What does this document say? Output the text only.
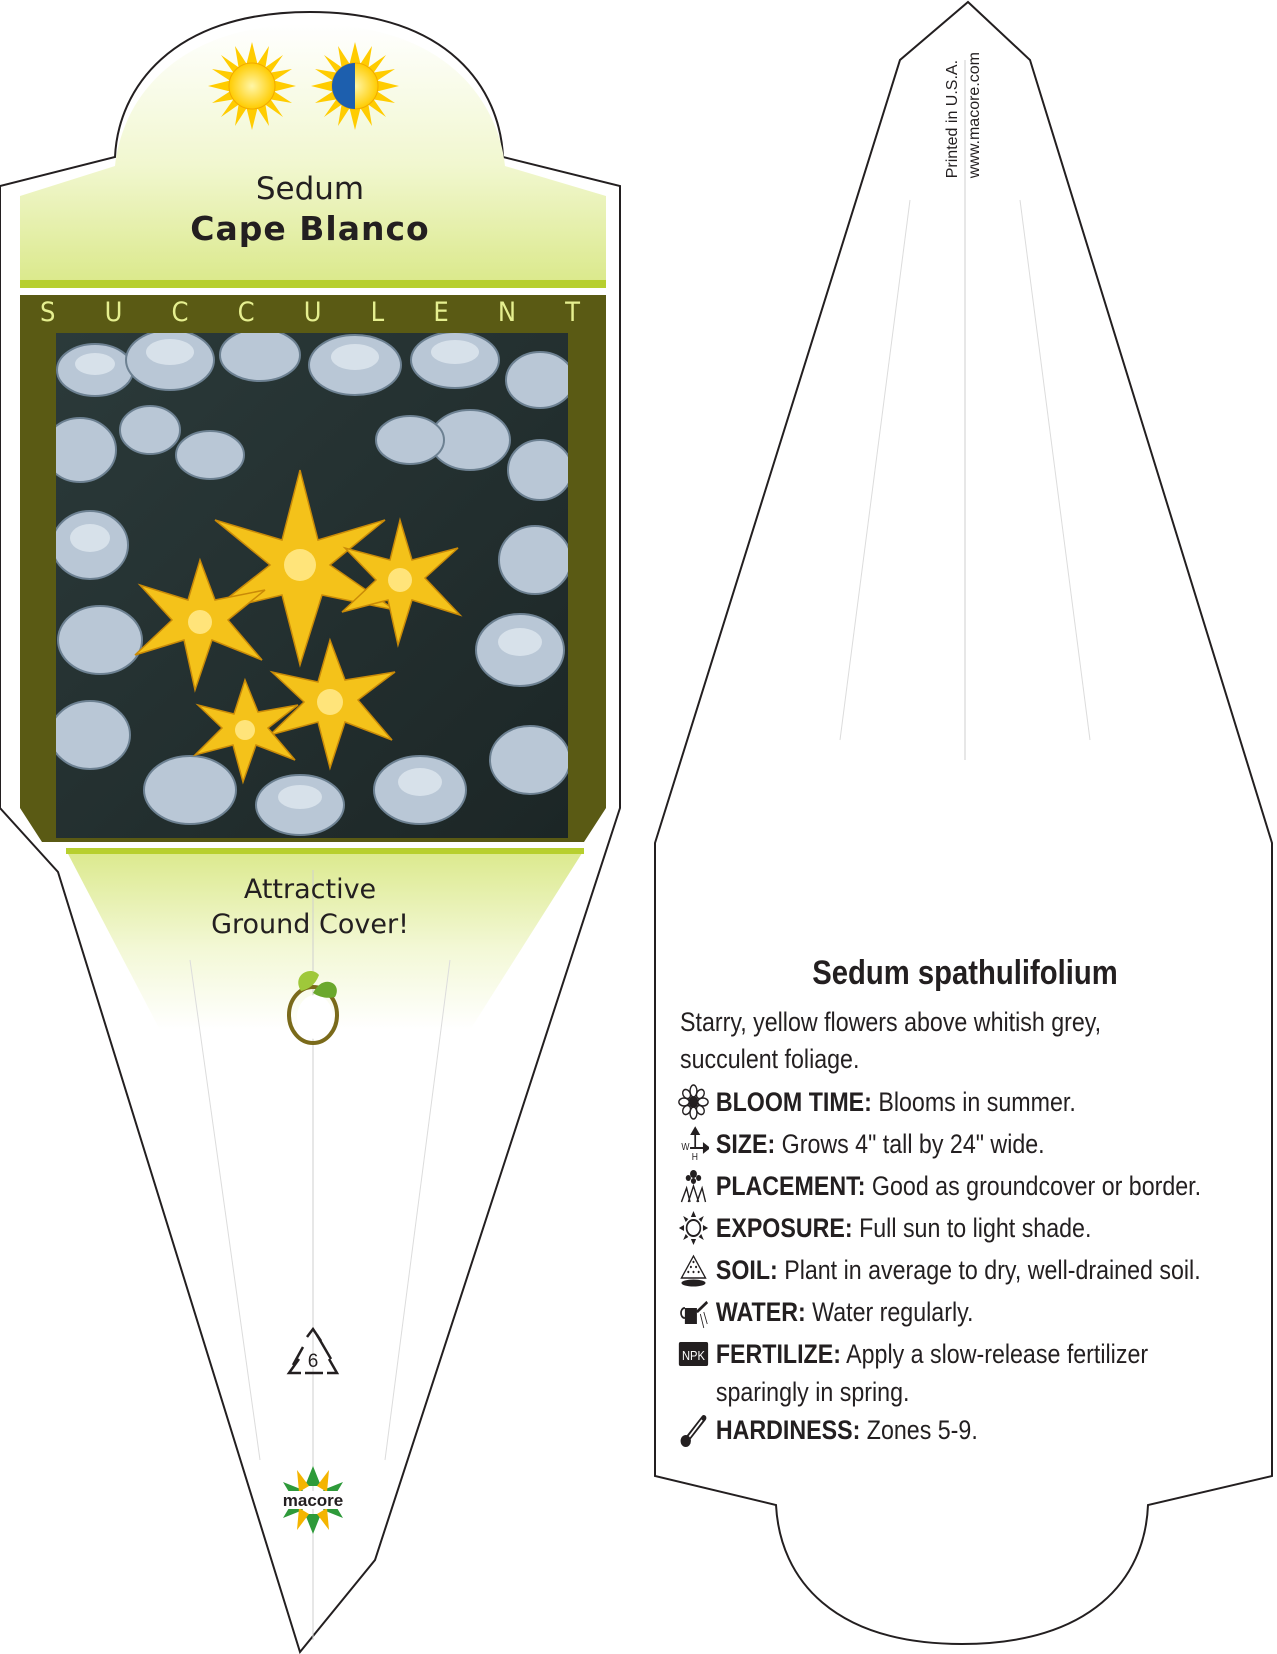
Sedum
Cape Blanco
S U C C U L E N T
Attractive
Ground Cover!
6
macore
Printed in U.S.A. www.macore.com
Sedum spathulifolium
Starry, yellow flowers above whitish grey, succulent foliage.
BLOOM TIME: Blooms in summer.
W
H SIZE: Grows 4" tall by 24" wide.
PLACEMENT: Good as groundcover or border.
EXPOSURE: Full sun to light shade.
SOIL: Plant in average to dry, well-drained soil.
WATER: Water regularly.
NPK FERTILIZE: Apply a slow-release fertilizer sparingly in spring.
HARDINESS: Zones 5-9.
